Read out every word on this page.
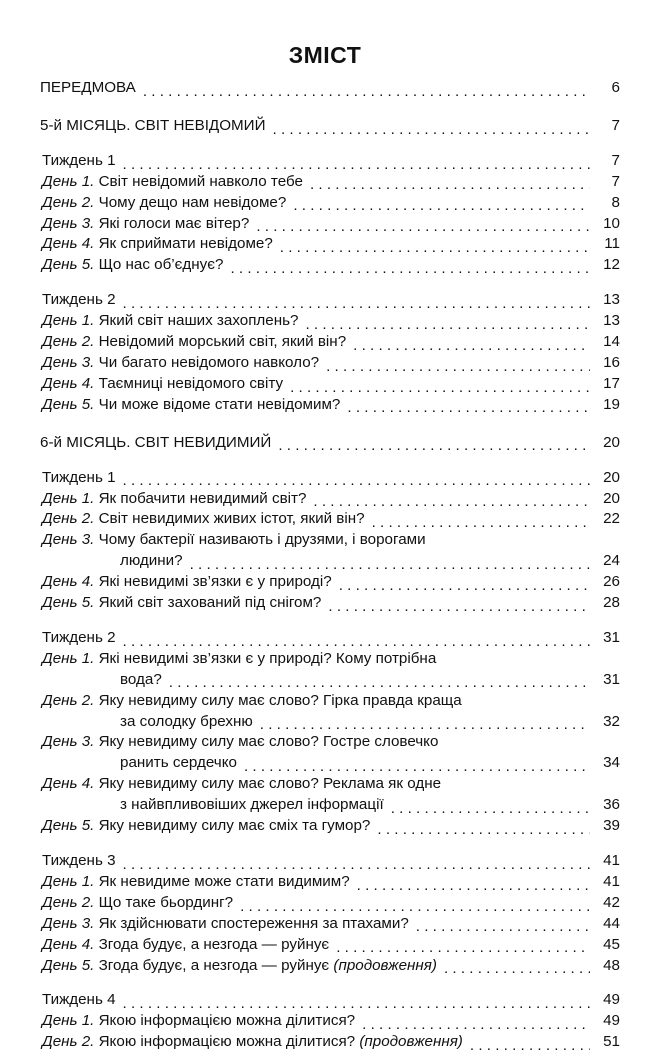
ЗМІСТ
ПЕРЕДМОВА . . .	6
5-й МІСЯЦЬ. СВІТ НЕВІДОМИЙ . . .	7
Тиждень 1 . . .	7
День 1. Світ невідомий навколо тебе . . .	7
День 2. Чому дещо нам невідоме? . . .	8
День 3. Які голоси має вітер? . . .	10
День 4. Як сприймати невідоме? . . .	11
День 5. Що нас об’єднує? . . .	12
Тиждень 2 . . .	13
День 1. Який світ наших захоплень? . . .	13
День 2. Невідомий морський світ, який він? . . .	14
День 3. Чи багато невідомого навколо? . . .	16
День 4. Таємниці невідомого світу . . .	17
День 5. Чи може відоме стати невідомим? . . .	19
6-й МІСЯЦЬ. СВІТ НЕВИДИМИЙ . . .	20
Тиждень 1 . . .	20
День 1. Як побачити невидимий світ? . . .	20
День 2. Світ невидимих живих істот, який він? . . .	22
День 3. Чому бактерії називають і друзями, і ворогами
людини? . . .	24
День 4. Які невидимі зв’язки є у природі? . . .	26
День 5. Який світ захований під снігом? . . .	28
Тиждень 2 . . .	31
День 1. Які невидимі зв’язки є у природі? Кому потрібна
вода? . . .	31
День 2. Яку невидиму силу має слово? Гірка правда краща
за солодку брехню . . .	32
День 3. Яку невидиму силу має слово? Гостре словечко
ранить сердечко . . .	34
День 4. Яку невидиму силу має слово? Реклама як одне
з найвпливовіших джерел інформації . . .	36
День 5. Яку невидиму силу має сміх та гумор? . . .	39
Тиждень 3 . . .	41
День 1. Як невидиме може стати видимим? . . .	41
День 2. Що таке бьординг? . . .	42
День 3. Як здійснювати спостереження за птахами? . . .	44
День 4. Згода будує, а незгода — руйнує . . .	45
День 5. Згода будує, а незгода — руйнує (продовження) . . .	48
Тиждень 4 . . .	49
День 1. Якою інформацією можна ділитися? . . .	49
День 2. Якою інформацією можна ділитися? (продовження) . . .	51
